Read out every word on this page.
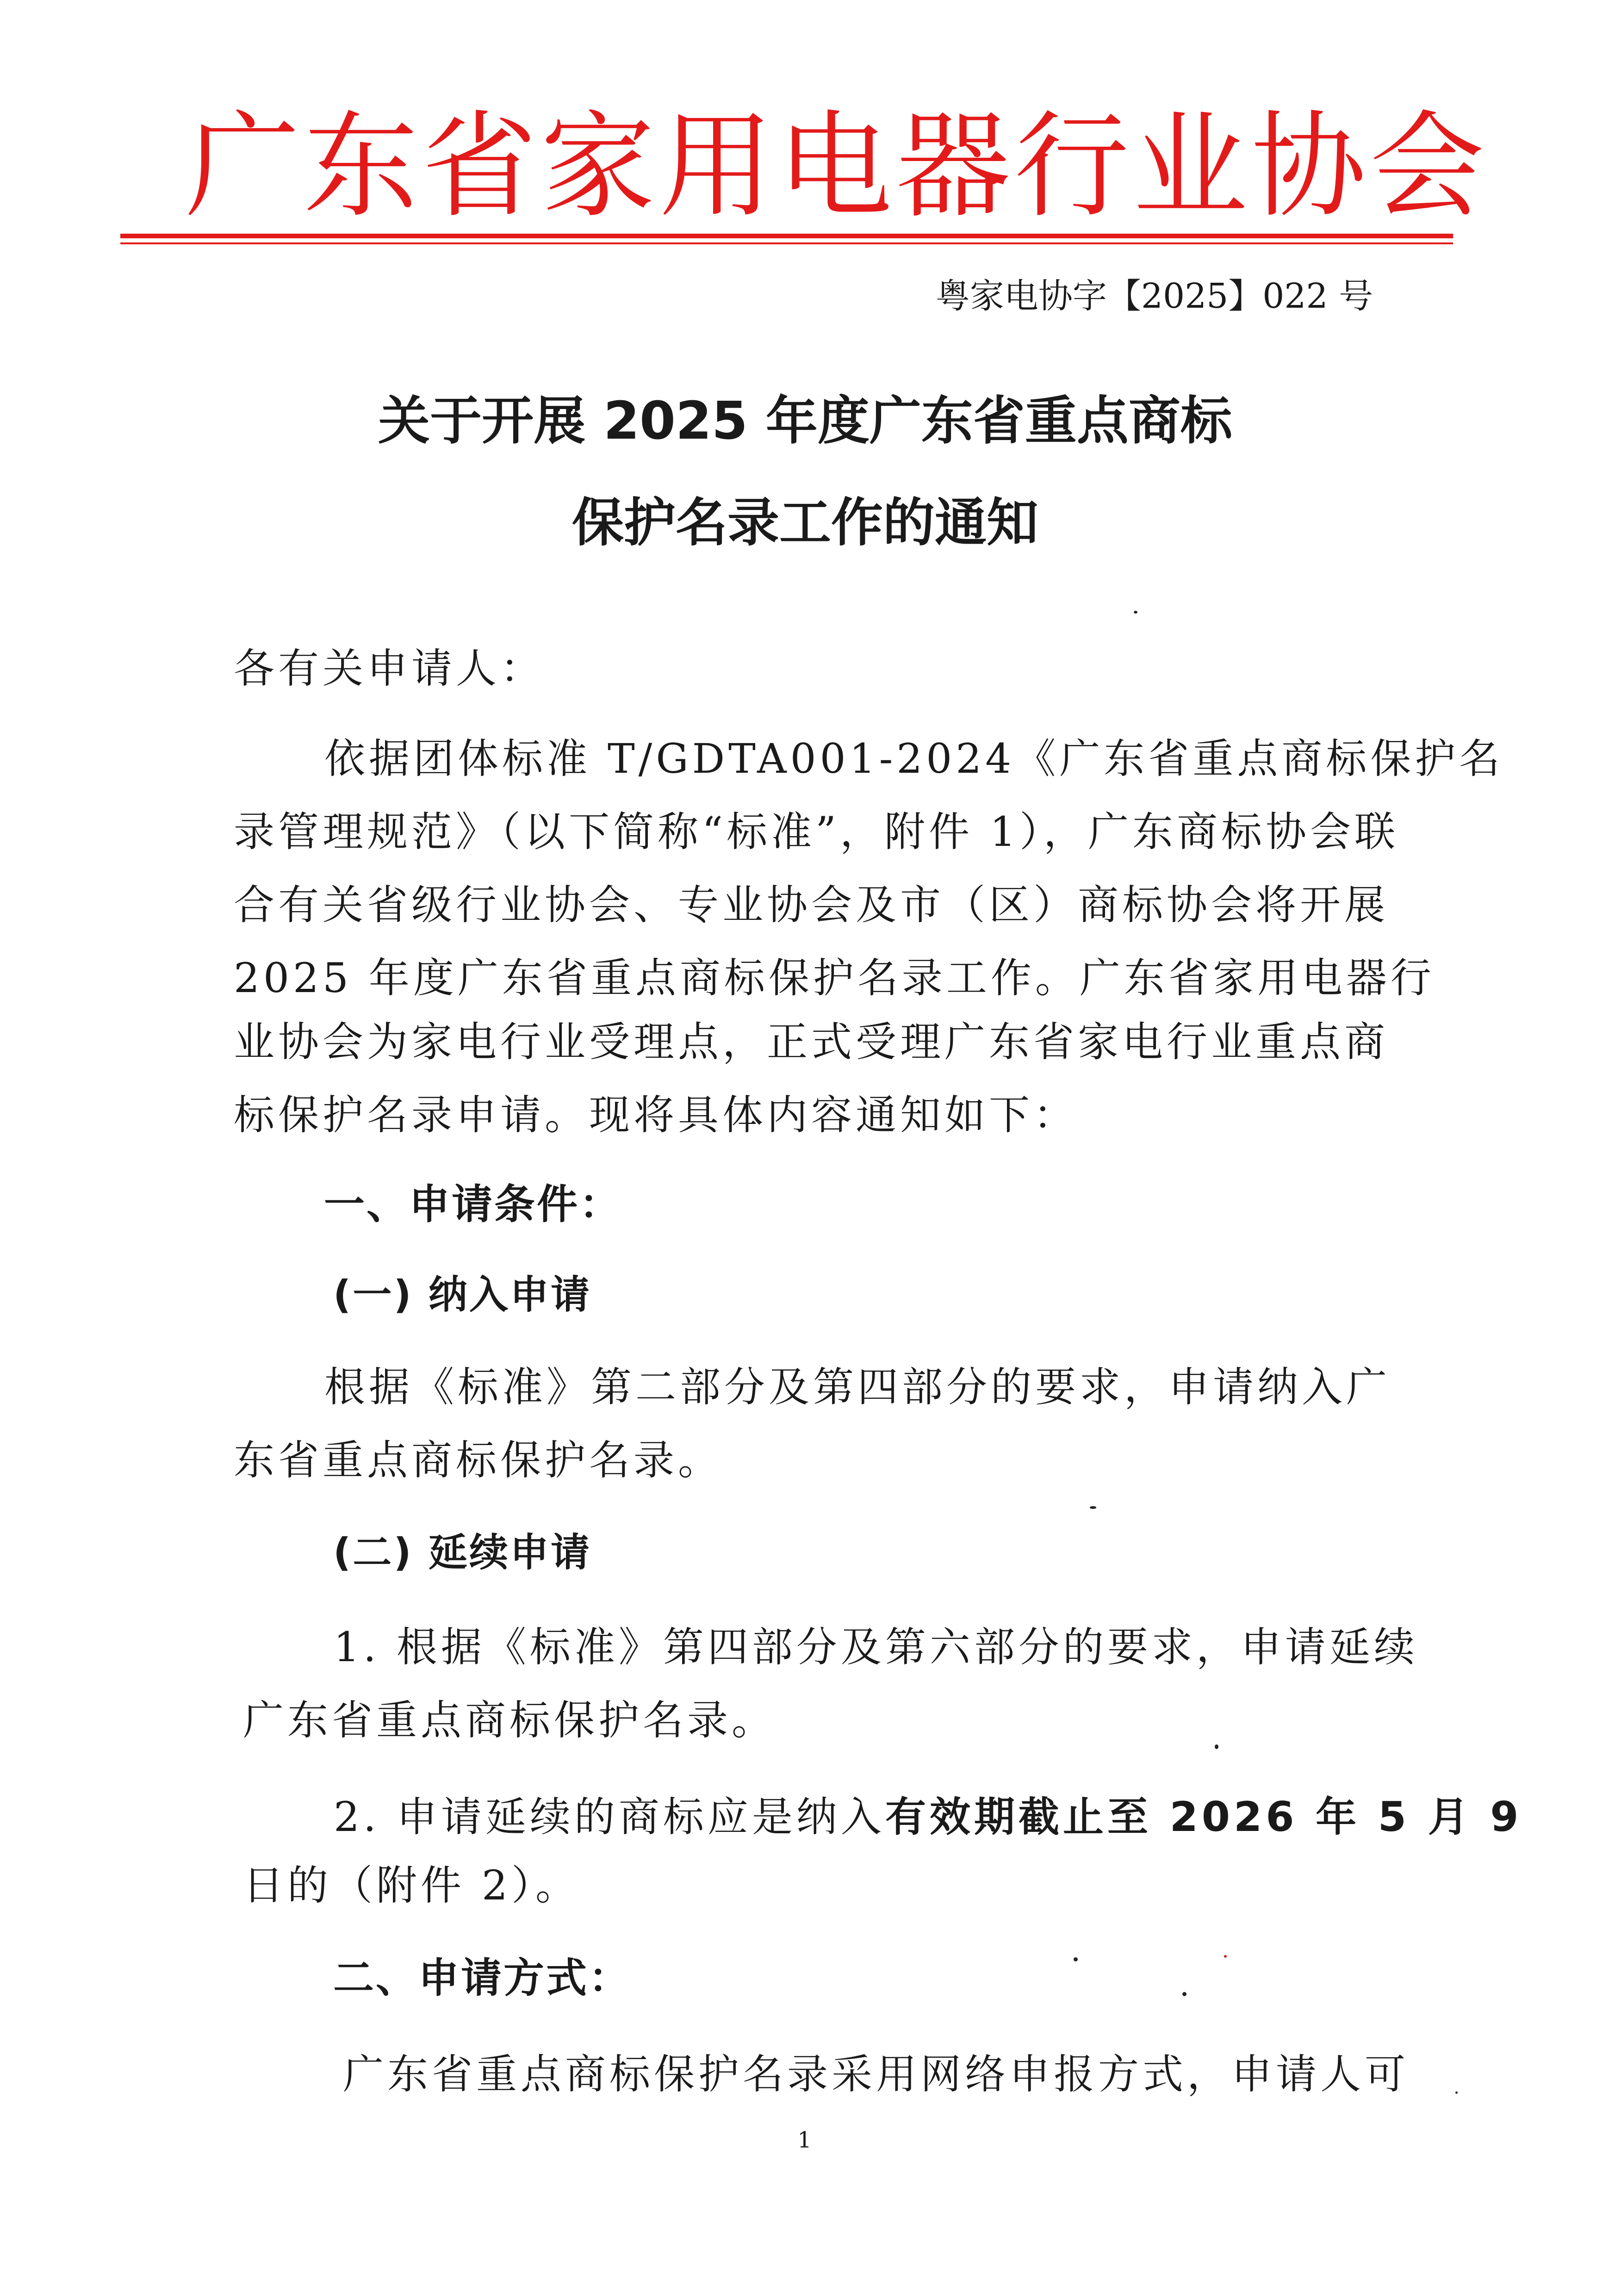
广东省家用电器行业协会
粤家电协字【2025】022 号
关于开展 2025 年度广东省重点商标
保护名录工作的通知
各有关申请人：
依据团体标准 T/GDTA001-2024《广东省重点商标保护名
录管理规范》（以下简称“标准”，附件 1），广东商标协会联
合有关省级行业协会、专业协会及市（区）商标协会将开展
2025 年度广东省重点商标保护名录工作。广东省家用电器行
业协会为家电行业受理点，正式受理广东省家电行业重点商
标保护名录申请。现将具体内容通知如下：
一、申请条件：
(一) 纳入申请
根据《标准》第二部分及第四部分的要求，申请纳入广
东省重点商标保护名录。
(二) 延续申请
1. 根据《标准》第四部分及第六部分的要求，申请延续
广东省重点商标保护名录。
2. 申请延续的商标应是纳入有效期截止至 2026 年 5 月 9
日的（附件 2）。
二、申请方式：
广东省重点商标保护名录采用网络申报方式，申请人可
1
